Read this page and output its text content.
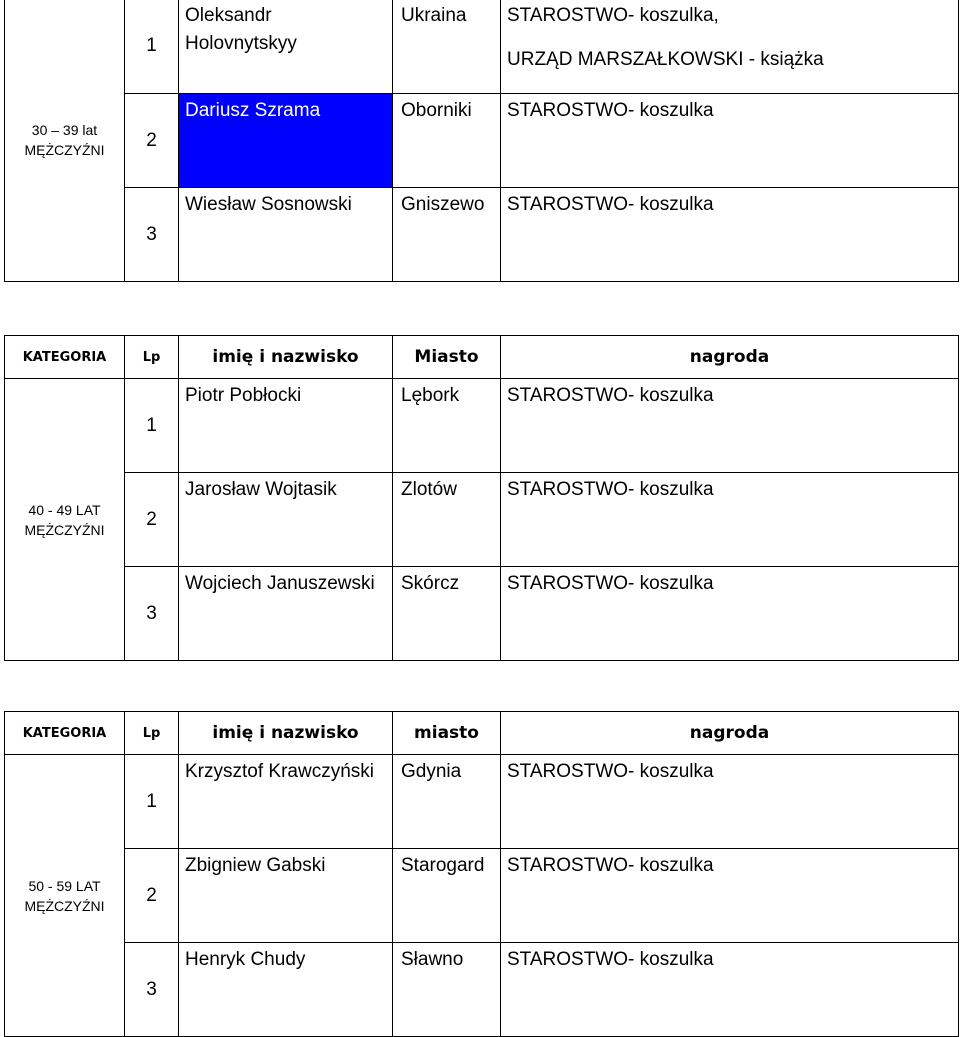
30 – 39 lat
MĘŻCZYŹNI	1	Oleksandr Holovnytskyy	Ukraina	STAROSTWO- koszulka,
URZĄD MARSZAŁKOWSKI - książka

	2	Dariusz Szrama	Oborniki	STAROSTWO- koszulka
	3	Wiesław Sosnowski	Gniszewo	STAROSTWO- koszulka
KATEGORIA	Lp	imię i nazwisko	Miasto	nagroda
40 - 49 LAT
MĘŻCZYŹNI	1	Piotr Pobłocki	Lębork	STAROSTWO- koszulka
	2	Jarosław Wojtasik	Zlotów	STAROSTWO- koszulka
	3	Wojciech Januszewski	Skórcz	STAROSTWO- koszulka
KATEGORIA	Lp	imię i nazwisko	miasto	nagroda
50 - 59 LAT
MĘŻCZYŹNI	1	Krzysztof Krawczyński	Gdynia	STAROSTWO- koszulka
	2	Zbigniew Gabski	Starogard	STAROSTWO- koszulka
	3	Henryk Chudy	Sławno	STAROSTWO- koszulka
